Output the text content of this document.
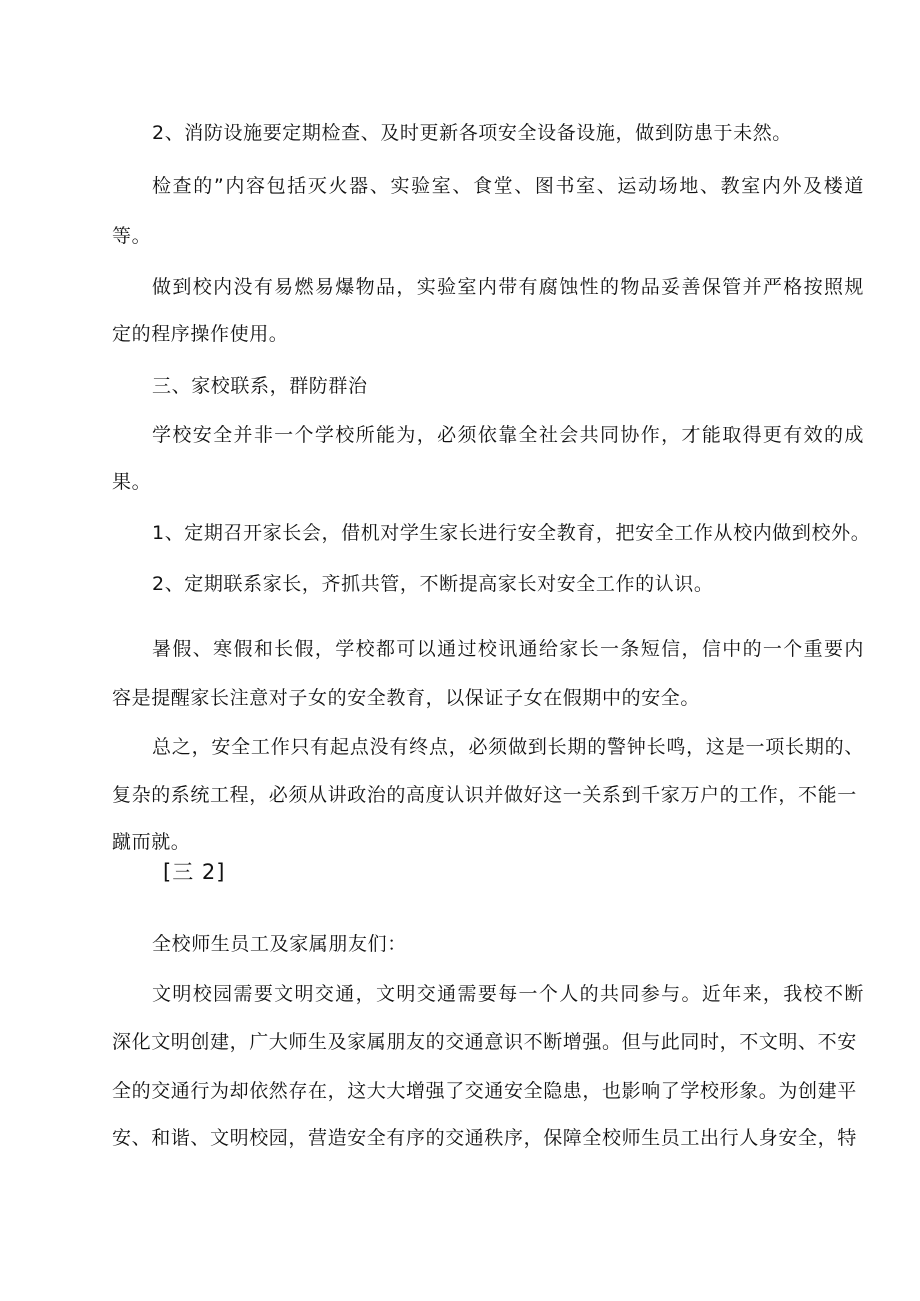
2、消防设施要定期检查、及时更新各项安全设备设施，做到防患于未然。
检查的”内容包括灭火器、实验室、食堂、图书室、运动场地、教室内外及楼道
等。
做到校内没有易燃易爆物品，实验室内带有腐蚀性的物品妥善保管并严格按照规
定的程序操作使用。
三、家校联系，群防群治
学校安全并非一个学校所能为，必须依靠全社会共同协作，才能取得更有效的成
果。
1、定期召开家长会，借机对学生家长进行安全教育，把安全工作从校内做到校外。
2、定期联系家长，齐抓共管，不断提高家长对安全工作的认识。
暑假、寒假和长假，学校都可以通过校讯通给家长一条短信，信中的一个重要内
容是提醒家长注意对子女的安全教育，以保证子女在假期中的安全。
总之，安全工作只有起点没有终点，必须做到长期的警钟长鸣，这是一项长期的、
复杂的系统工程，必须从讲政治的高度认识并做好这一关系到千家万户的工作，不能一
蹴而就。
[三 2]
全校师生员工及家属朋友们：
文明校园需要文明交通，文明交通需要每一个人的共同参与。近年来，我校不断
深化文明创建，广大师生及家属朋友的交通意识不断增强。但与此同时，不文明、不安
全的交通行为却依然存在，这大大增强了交通安全隐患，也影响了学校形象。为创建平
安、和谐、文明校园，营造安全有序的交通秩序，保障全校师生员工出行人身安全，特
